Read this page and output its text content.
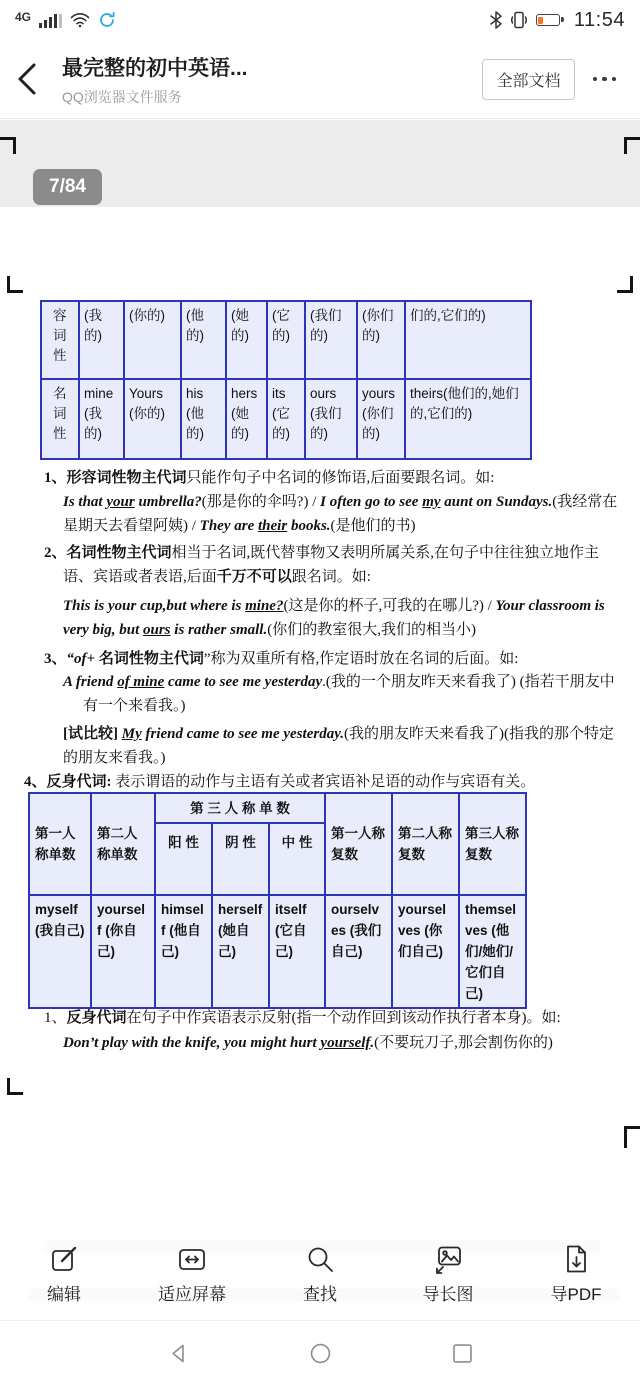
4G	11:54
最完整的初中英语...
QQ浏览器文件服务
全部文档
7/84
容词性	(我的)	(你的)	(他的)	(她的)	(它的)	(我们的)	(你们的)	们的,它们的)
名词性	mine (我的)	Yours (你的)	his (他的)	hers (她的)	its (它的)	ours (我们的)	yours (你们的)	theirs(他们的,她们的,它们的)
1、形容词性物主代词只能作句子中名词的修饰语,后面要跟名词。如:
Is that your umbrella?(那是你的伞吗?) / I often go to see my aunt on Sundays.(我经常在星期天去看望阿姨) / They are their books.(是他们的书)
2、名词性物主代词相当于名词,既代替事物又表明所属关系,在句子中往往独立地作主语、宾语或者表语,后面千万不可以跟名词。如:
This is your cup,but where is mine?(这是你的杯子,可我的在哪儿?) / Your classroom is very big, but ours is rather small.(你们的教室很大,我们的相当小)
3、“of+ 名词性物主代词”称为双重所有格,作定语时放在名词的后面。如:
A friend of mine came to see me yesterday.(我的一个朋友昨天来看我了) (指若干朋友中有一个来看我。)
[试比较] My friend came to see me yesterday.(我的朋友昨天来看我了)(指我的那个特定的朋友来看我。)
4、反身代词: 表示谓语的动作与主语有关或者宾语补足语的动作与宾语有关。
1、反身代词在句子中作宾语表示反射(指一个动作回到该动作执行者本身)。如:
Don’t play with the knife, you might hurt yourself.(不要玩刀子,那会割伤你的)
第一人称单数	第二人称单数	第 三 人 称 单 数			第一人称复数	第二人称复数	第三人称复数
		阳 性	阴 性	中 性			
myself (我自己)	yourself (你自己)	himself (他自己)	herself (她自己)	itself (它自己)	ourselves (我们自己)	yourselves (你们自己)	themselves (他们/她们/它们自己)
编辑	适应屏幕	查找	导长图	导PDF
